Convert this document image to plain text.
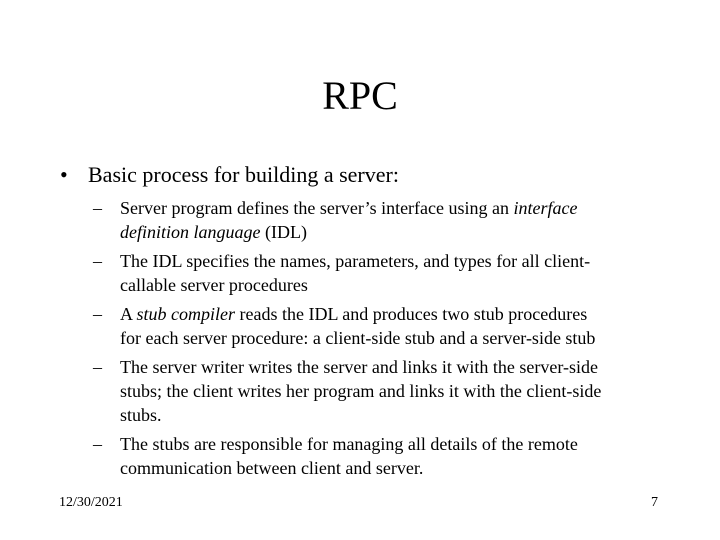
RPC
• Basic process for building a server:
– Server program defines the server’s interface using an interface
definition language (IDL)
– The IDL specifies the names, parameters, and types for all client-
callable server procedures
– A stub compiler reads the IDL and produces two stub procedures
for each server procedure: a client-side stub and a server-side stub
– The server writer writes the server and links it with the server-side
stubs; the client writes her program and links it with the client-side
stubs.
– The stubs are responsible for managing all details of the remote
communication between client and server.
12/30/2021	7
